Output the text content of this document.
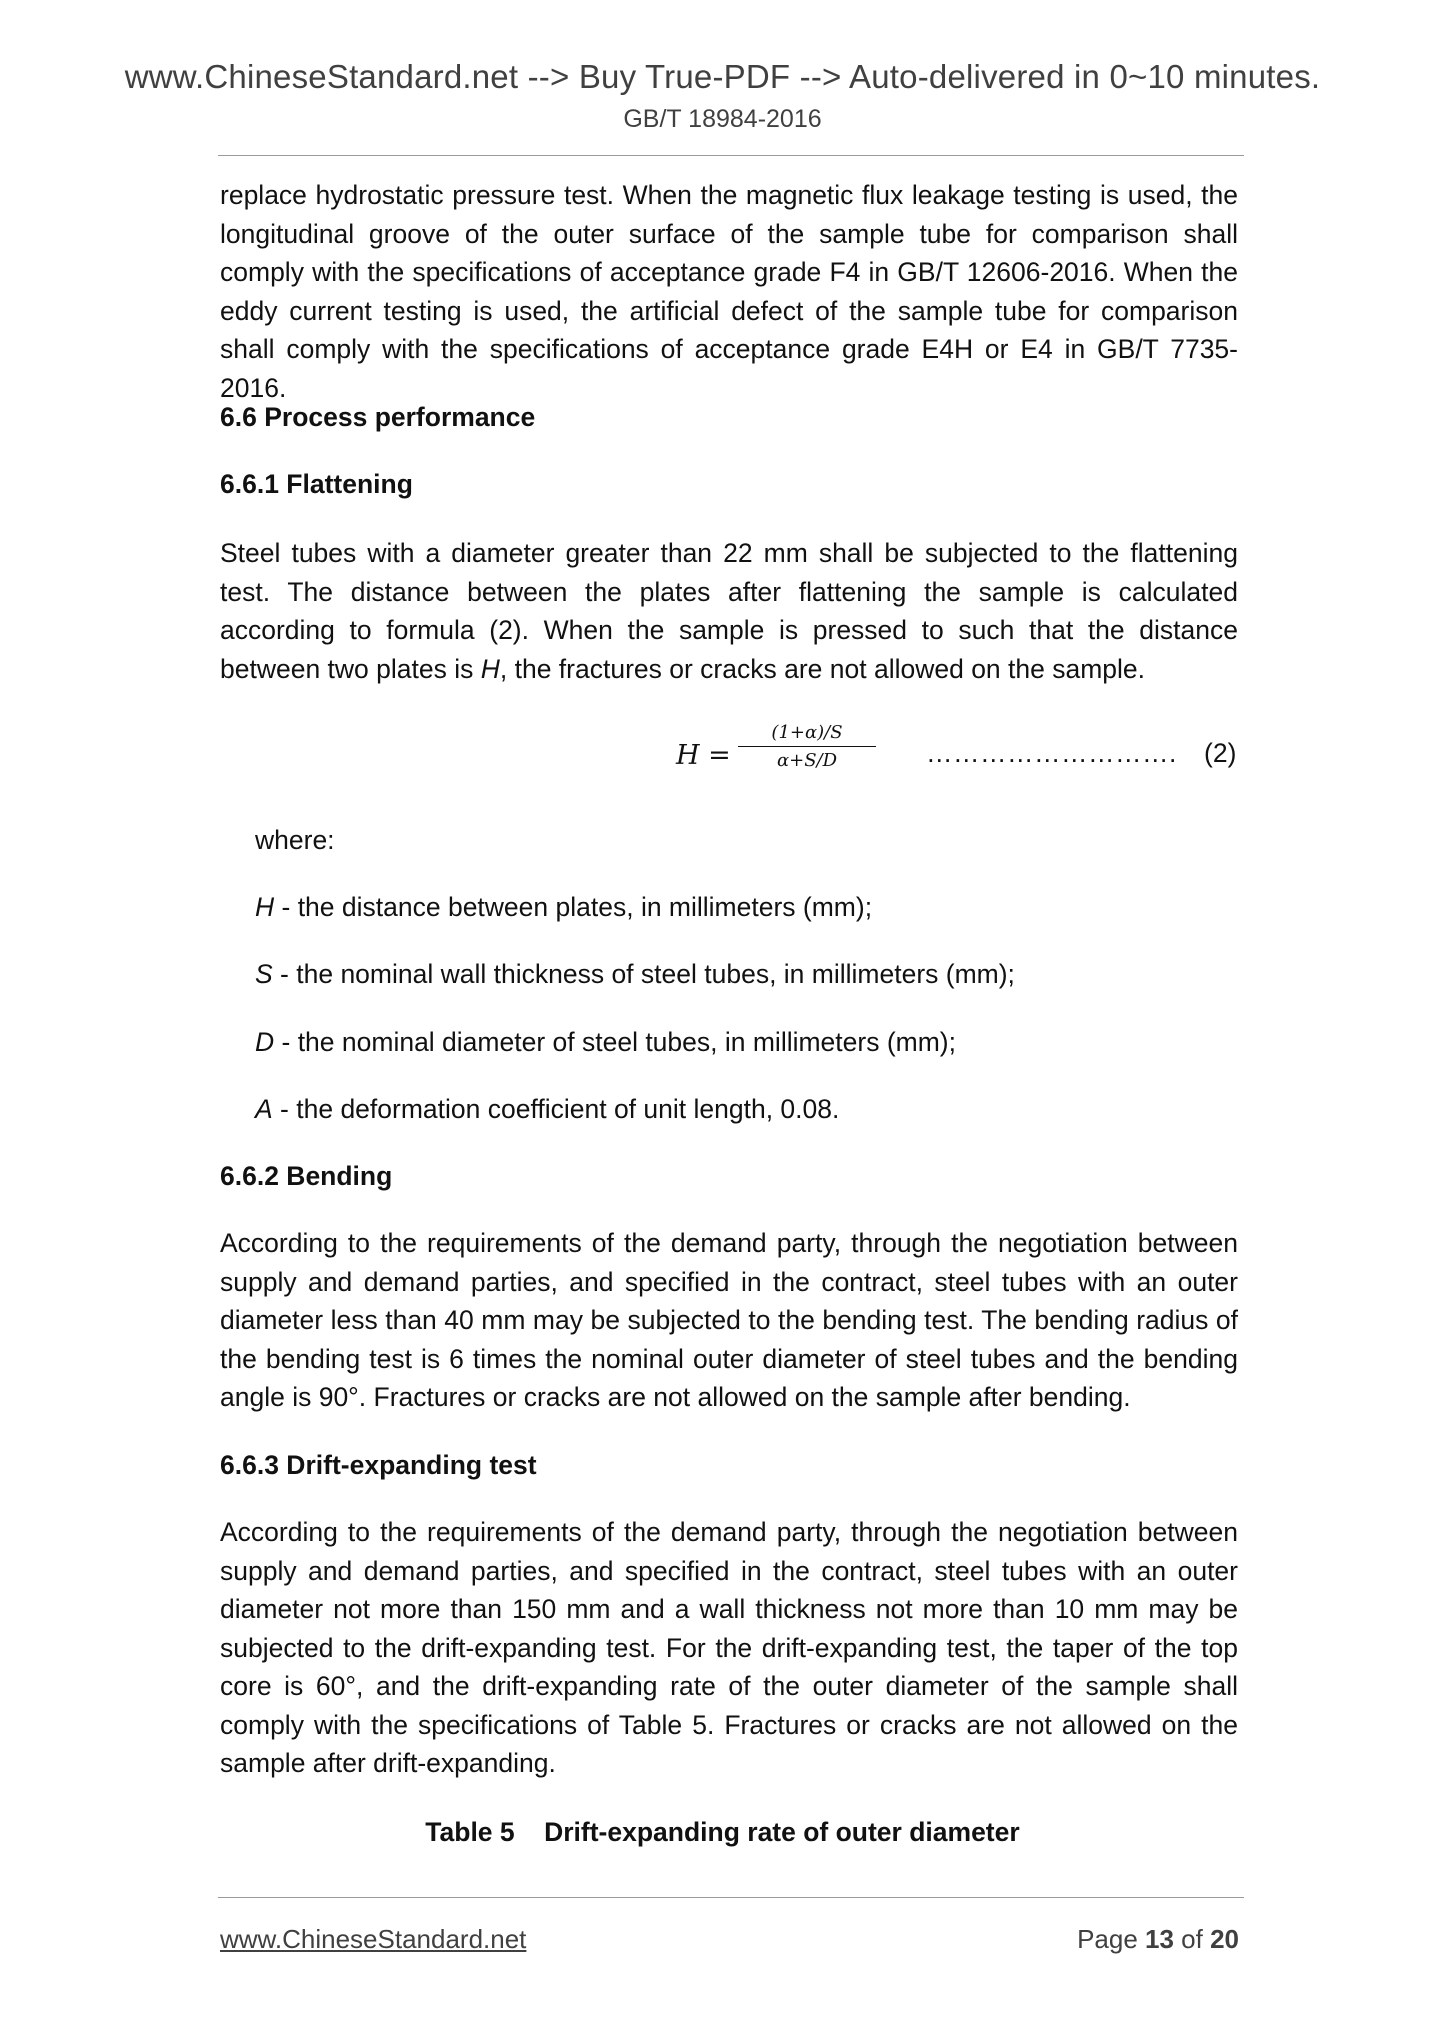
www.ChineseStandard.net --> Buy True-PDF --> Auto-delivered in 0~10 minutes.
GB/T 18984-2016

replace hydrostatic pressure test. When the magnetic flux leakage testing is used, the longitudinal groove of the outer surface of the sample tube for comparison shall comply with the specifications of acceptance grade F4 in GB/T 12606-2016. When the eddy current testing is used, the artificial defect of the sample tube for comparison shall comply with the specifications of acceptance grade E4H or E4 in GB/T 7735-2016.

6.6 Process performance

6.6.1 Flattening

Steel tubes with a diameter greater than 22 mm shall be subjected to the flattening test. The distance between the plates after flattening the sample is calculated according to formula (2). When the sample is pressed to such that the distance between two plates is H, the fractures or cracks are not allowed on the sample.

$H = \frac{(1+\alpha)/S}{\alpha+S/D}$ ………………………. (2)

where:

H - the distance between plates, in millimeters (mm);

S - the nominal wall thickness of steel tubes, in millimeters (mm);

D - the nominal diameter of steel tubes, in millimeters (mm);

A - the deformation coefficient of unit length, 0.08.

6.6.2 Bending

According to the requirements of the demand party, through the negotiation between supply and demand parties, and specified in the contract, steel tubes with an outer diameter less than 40 mm may be subjected to the bending test. The bending radius of the bending test is 6 times the nominal outer diameter of steel tubes and the bending angle is 90°. Fractures or cracks are not allowed on the sample after bending.

6.6.3 Drift-expanding test

According to the requirements of the demand party, through the negotiation between supply and demand parties, and specified in the contract, steel tubes with an outer diameter not more than 150 mm and a wall thickness not more than 10 mm may be subjected to the drift-expanding test. For the drift-expanding test, the taper of the top core is 60°, and the drift-expanding rate of the outer diameter of the sample shall comply with the specifications of Table 5. Fractures or cracks are not allowed on the sample after drift-expanding.

Table 5    Drift-expanding rate of outer diameter
www.ChineseStandard.net	Page 13 of 20
